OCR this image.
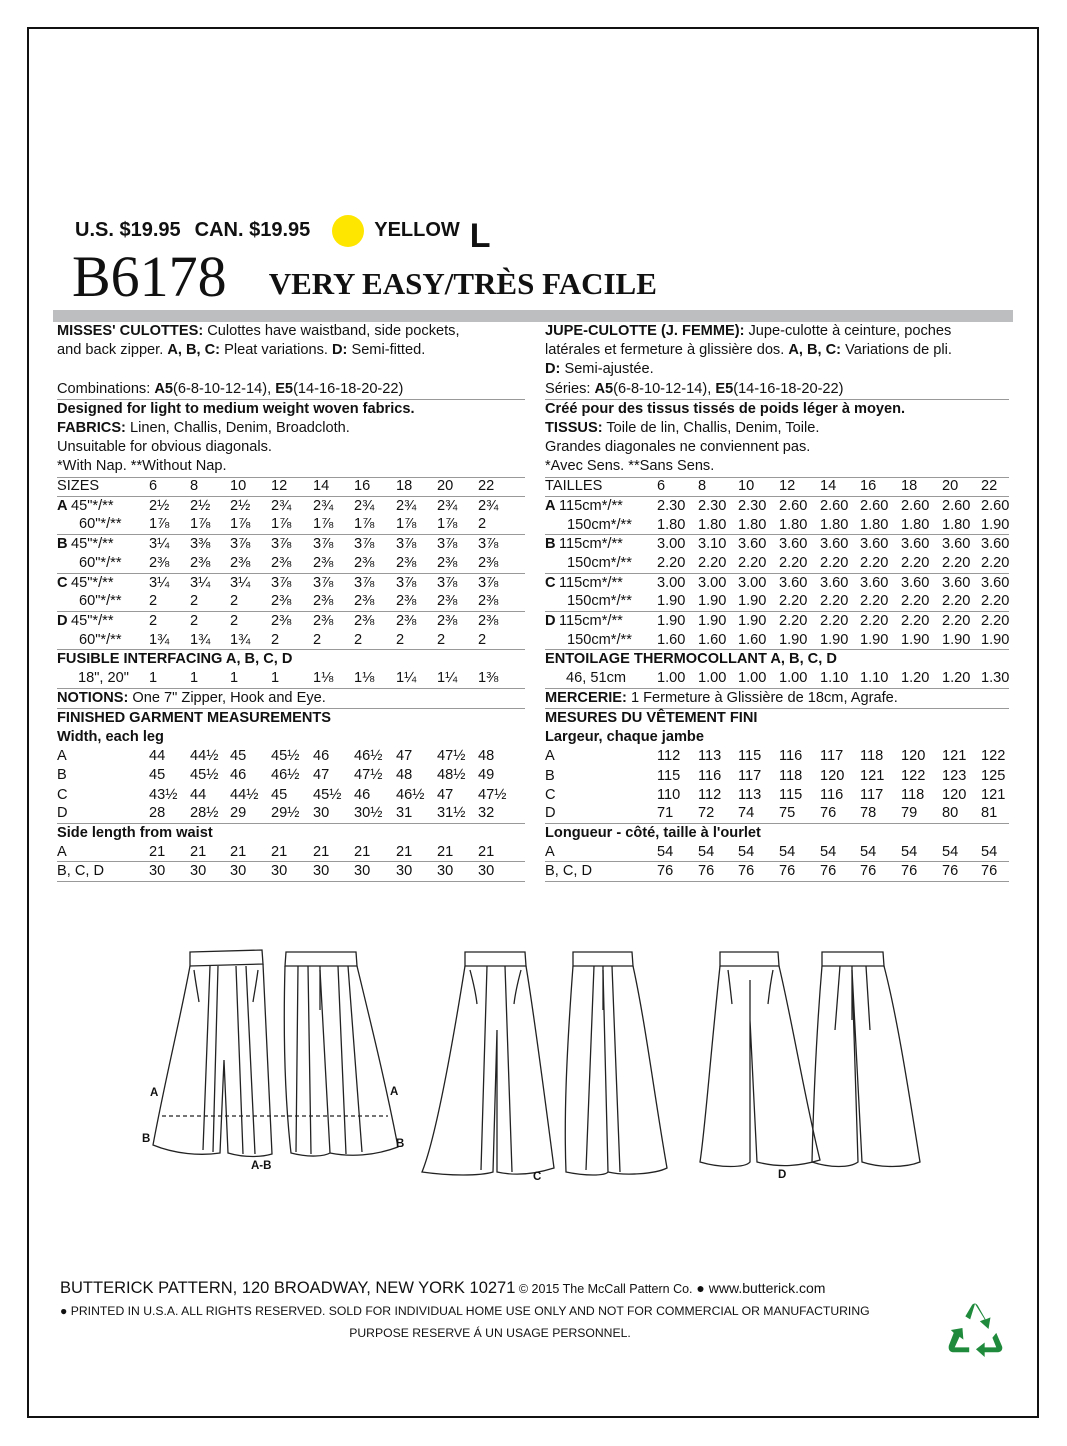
U.S. $19.95 CAN. $19.95	YELLOW L
B6178 VERY EASY/TRÈS FACILE
MISSES' CULOTTES: Culottes have waistband, side pockets,
and back zipper. A, B, C: Pleat variations. D: Semi-fitted.
Combinations: A5(6-8-10-12-14), E5(14-16-18-20-22)
Designed for light to medium weight woven fabrics.
FABRICS: Linen, Challis, Denim, Broadcloth.
Unsuitable for obvious diagonals.
*With Nap. **Without Nap.
SIZES	6 8 10 12 14 16 18 20 22
A 45"*/** 2½ 2½ 2½ 2¾ 2¾ 2¾ 2¾ 2¾ 2¾
60"*/** 1⅞ 1⅞ 1⅞ 1⅞ 1⅞ 1⅞ 1⅞ 1⅞ 2
B 45"*/** 3¼ 3⅜ 3⅞ 3⅞ 3⅞ 3⅞ 3⅞ 3⅞ 3⅞
60"*/** 2⅜ 2⅜ 2⅜ 2⅜ 2⅜ 2⅜ 2⅜ 2⅜ 2⅜
C 45"*/** 3¼ 3¼ 3¼ 3⅞ 3⅞ 3⅞ 3⅞ 3⅞ 3⅞
60"*/** 2 2 2 2⅜ 2⅜ 2⅜ 2⅜ 2⅜ 2⅜
D 45"*/** 2 2 2 2⅜ 2⅜ 2⅜ 2⅜ 2⅜ 2⅜
60"*/** 1¾ 1¾ 1¾ 2 2 2 2 2 2
FUSIBLE INTERFACING A, B, C, D
18", 20" 1 1 1 1 1⅛ 1⅛ 1¼ 1¼ 1⅜
NOTIONS: One 7" Zipper, Hook and Eye.
FINISHED GARMENT MEASUREMENTS
Width, each leg
A	44 44½ 45 45½ 46 46½ 47 47½ 48
B	45 45½ 46 46½ 47 47½ 48 48½ 49
C	43½ 44 44½ 45 45½ 46 46½ 47 47½
D	28 28½ 29 29½ 30 30½ 31 31½ 32
Side length from waist
A	21 21 21 21 21 21 21 21 21
B, C, D	30 30 30 30 30 30 30 30 30
JUPE-CULOTTE (J. FEMME): Jupe-culotte à ceinture, poches
latérales et fermeture à glissière dos. A, B, C: Variations de pli.
D: Semi-ajustée.
Séries: A5(6-8-10-12-14), E5(14-16-18-20-22)
Créé pour des tissus tissés de poids léger à moyen.
TISSUS: Toile de lin, Challis, Denim, Toile.
Grandes diagonales ne conviennent pas.
*Avec Sens. **Sans Sens.
TAILLES	6 8 10 12 14 16 18 20 22
A 115cm*/** 2.30 2.30 2.30 2.60 2.60 2.60 2.60 2.60 2.60
150cm*/** 1.80 1.80 1.80 1.80 1.80 1.80 1.80 1.80 1.90
B 115cm*/** 3.00 3.10 3.60 3.60 3.60 3.60 3.60 3.60 3.60
150cm*/** 2.20 2.20 2.20 2.20 2.20 2.20 2.20 2.20 2.20
C 115cm*/** 3.00 3.00 3.00 3.60 3.60 3.60 3.60 3.60 3.60
150cm*/** 1.90 1.90 1.90 2.20 2.20 2.20 2.20 2.20 2.20
D 115cm*/** 1.90 1.90 1.90 2.20 2.20 2.20 2.20 2.20 2.20
150cm*/** 1.60 1.60 1.60 1.90 1.90 1.90 1.90 1.90 1.90
ENTOILAGE THERMOCOLLANT A, B, C, D
46, 51cm 1.00 1.00 1.00 1.00 1.10 1.10 1.20 1.20 1.30
MERCERIE: 1 Fermeture à Glissière de 18cm, Agrafe.
MESURES DU VÊTEMENT FINI
Largeur, chaque jambe
A	112 113 115 116 117 118 120 121 122
B	115 116 117 118 120 121 122 123 125
C	110 112 113 115 116 117 118 120 121
D	71 72 74 75 76 78 79 80 81
Longueur - côté, taille à l'ourlet
A	54 54 54 54 54 54 54 54 54
B, C, D	76 76 76 76 76 76 76 76 76
A	A
B	B
A-B
C	D
BUTTERICK PATTERN, 120 BROADWAY, NEW YORK 10271 © 2015 The McCall Pattern Co. ● www.butterick.com
● PRINTED IN U.S.A. ALL RIGHTS RESERVED. SOLD FOR INDIVIDUAL HOME USE ONLY AND NOT FOR COMMERCIAL OR MANUFACTURING
PURPOSE RESERVE Á UN USAGE PERSONNEL.
